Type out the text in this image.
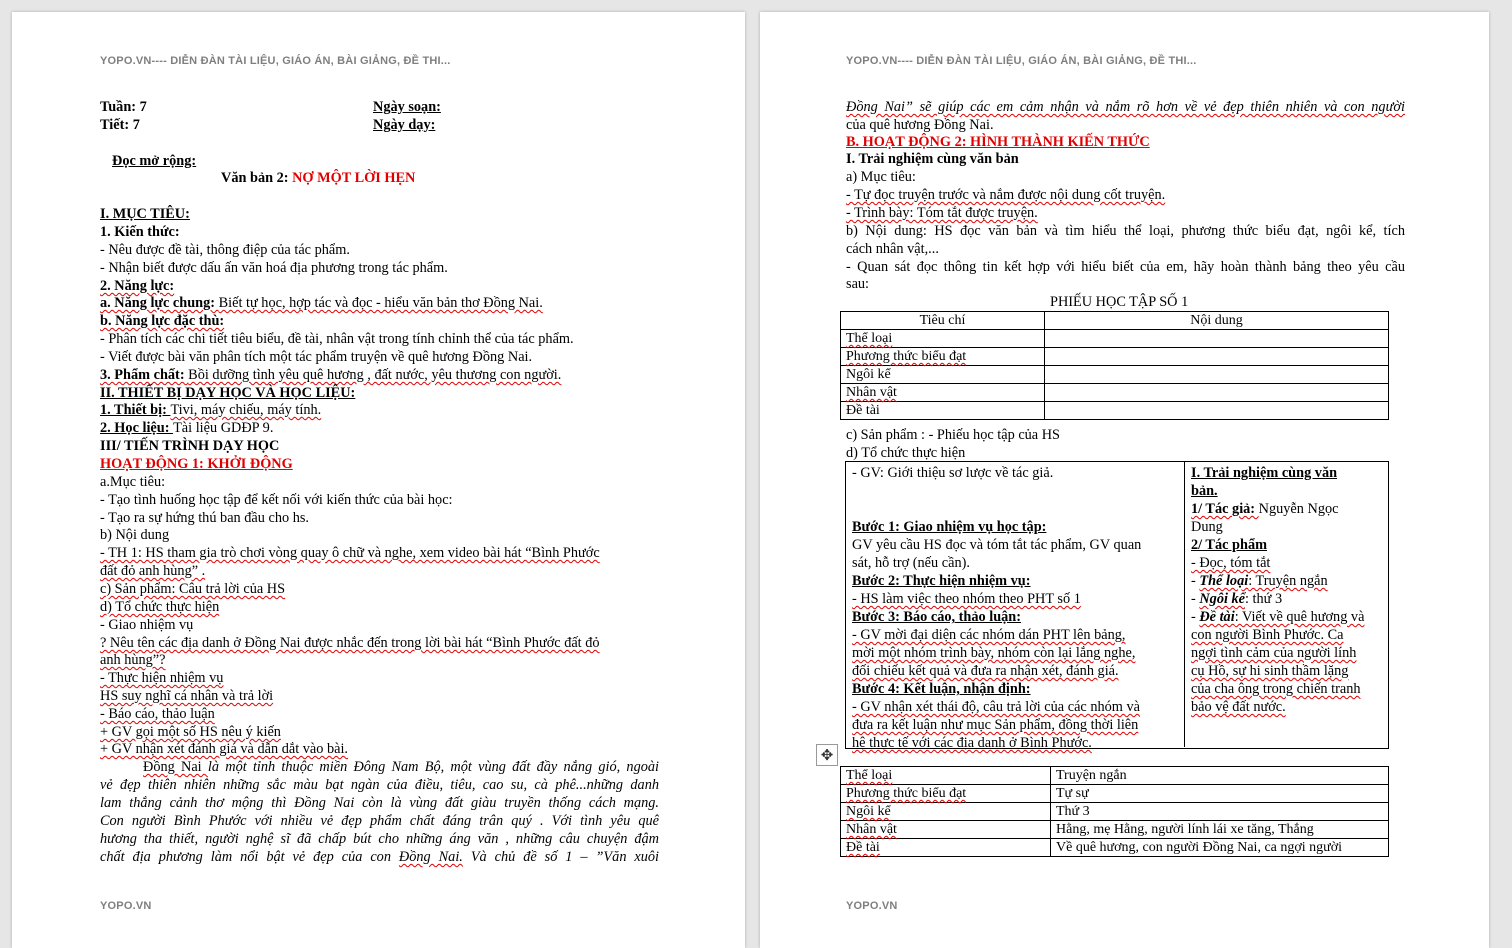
YOPO.VN---- DIỄN ĐÀN TÀI LIỆU, GIÁO ÁN, BÀI GIẢNG, ĐỀ THI...
Tuần: 7
Tiết: 7
Ngày soạn:
Ngày dạy:
Đọc mở rộng:
Văn bản 2: NỢ MỘT LỜI HẸN
I. MỤC TIÊU:
1. Kiến thức:
- Nêu được đề tài, thông điệp của tác phẩm.
- Nhận biết được dấu ấn văn hoá địa phương trong tác phẩm.
2. Năng lực:
a. Năng lực chung: Biết tự học, hợp tác và đọc - hiểu văn bản thơ Đồng Nai.
b. Năng lực đặc thù:
- Phân tích các chi tiết tiêu biểu, đề tài, nhân vật trong tính chỉnh thể của tác phẩm.
- Viết được bài văn phân tích một tác phẩm truyện về quê hương Đồng Nai.
3. Phẩm chất: Bồi dưỡng tình yêu quê hương , đất nước, yêu thương con người.
II. THIẾT BỊ DẠY HỌC VÀ HỌC LIỆU:
1. Thiết bị: Tivi, máy chiếu, máy tính.
2. Học liệu: Tài liệu GDĐP 9.
III/ TIẾN TRÌNH DẠY HỌC
HOẠT ĐỘNG 1: KHỞI ĐỘNG
a.Mục tiêu:
- Tạo tình huống học tập để kết nối với kiến thức của bài học:
- Tạo ra sự hứng thú ban đầu cho hs.
b) Nội dung
- TH 1: HS tham gia trò chơi vòng quay ô chữ và nghe, xem video bài hát “Bình Phước
đất đỏ anh hùng” .
c) Sản phẩm: Câu trả lời của HS
d) Tổ chức thực hiện
- Giao nhiệm vụ
? Nêu tên các địa danh ở Đồng Nai được nhắc đến trong lời bài hát “Bình Phước đất đỏ
anh hùng”?
- Thực hiện nhiệm vụ
HS suy nghĩ cá nhân và trả lời
- Báo cáo, thảo luận
+ GV gọi một số HS nêu ý kiến
+ GV nhận xét đánh giá và dẫn dắt vào bài.
Đồng Nai là một tỉnh thuộc miền Đông Nam Bộ, một vùng đất đầy nắng gió, ngoài
vẻ đẹp thiên nhiên những sắc màu bạt ngàn của điều, tiêu, cao su, cà phê...những danh
lam thắng cảnh thơ mộng thì Đồng Nai còn là vùng đất giàu truyền thống cách mạng.
Con người Bình Phước với nhiều vẻ đẹp phẩm chất đáng trân quý . Với tình yêu quê
hương tha thiết, người nghệ sĩ đã chấp bút cho những áng văn , những câu chuyện đậm
chất địa phương làm nổi bật vẻ đẹp của con Đồng Nai. Và chủ đề số 1 – ”Văn xuôi
YOPO.VN
YOPO.VN---- DIỄN ĐÀN TÀI LIỆU, GIÁO ÁN, BÀI GIẢNG, ĐỀ THI...
Đồng Nai” sẽ giúp các em cảm nhận và nắm rõ hơn về vẻ đẹp thiên nhiên và con người
của quê hương Đồng Nai.
B. HOẠT ĐỘNG 2: HÌNH THÀNH KIẾN THỨC
I. Trải nghiệm cùng văn bản
a) Mục tiêu:
- Tự đọc truyện trước và nắm được nội dung cốt truyện.
- Trình bày: Tóm tắt được truyện.
b) Nội dung: HS đọc văn bản và tìm hiểu thể loại, phương thức biểu đạt, ngôi kể, tích
cách nhân vật,...
- Quan sát đọc thông tin kết hợp với hiểu biết của em, hãy hoàn thành bảng theo yêu cầu
sau:
PHIẾU HỌC TẬP SỐ 1
Tiêu chí	Nội dung
Thể loại	
Phương thức biểu đạt	
Ngôi kể	
Nhân vật	
Đề tài	
c) Sản phẩm : - Phiếu học tập của HS
d) Tổ chức thực hiện
- GV: Giới thiệu sơ lược về tác giả.
Bước 1: Giao nhiệm vụ học tập:
GV yêu cầu HS đọc và tóm tắt tác phẩm, GV quan
sát, hỗ trợ (nếu cần).
Bước 2: Thực hiện nhiệm vụ:
- HS làm việc theo nhóm theo PHT số 1
Bước 3: Báo cáo, thảo luận:
- GV mời đại diện các nhóm dán PHT lên bảng,
mời một nhóm trình bày, nhóm còn lại lắng nghe,
đối chiếu kết quả và đưa ra nhận xét, đánh giá.
Bước 4: Kết luận, nhận định:
- GV nhận xét thái độ, câu trả lời của các nhóm và
đưa ra kết luận như mục Sản phẩm, đồng thời liên
hệ thực tế với các địa danh ở Bình Phước.
I. Trải nghiệm cùng văn
bản.
1/ Tác giả: Nguyễn Ngọc
Dung
2/ Tác phẩm
- Đọc, tóm tắt
- Thể loại: Truyện ngắn
- Ngôi kể: thứ 3
- Đề tài: Viết về quê hương và
con người Bình Phước. Ca
ngợi tình cảm của người lính
cụ Hồ, sự hi sinh thầm lặng
của cha ông trong chiến tranh
bảo vệ đất nước.
Thể loại	Truyện ngắn
Phương thức biểu đạt	Tự sự
Ngôi kể	Thứ 3
Nhân vật	Hằng, mẹ Hằng, người lính lái xe tăng, Thắng
Đề tài	Về quê hương, con người Đồng Nai, ca ngợi người
YOPO.VN
✥
